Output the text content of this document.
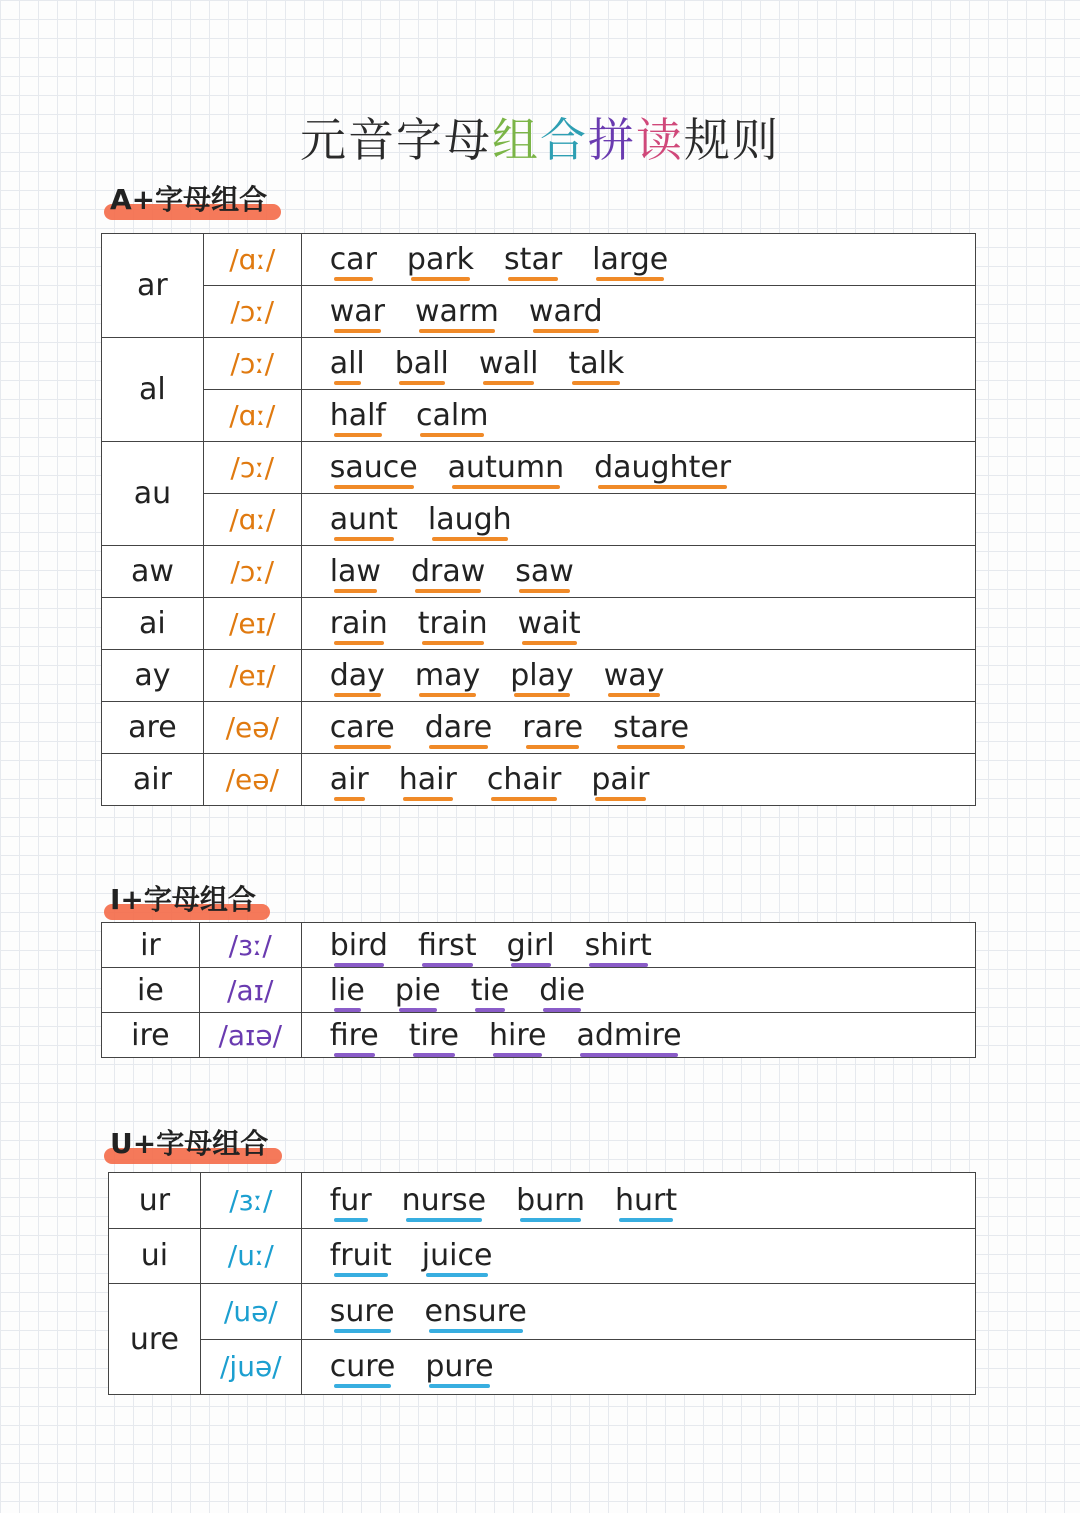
元音字母组合拼读规则
A+字母组合
ar	/ɑː/	car park star large
	/ɔː/	war warm ward
al	/ɔː/	all ball wall talk
	/ɑː/	half calm
au	/ɔː/	sauce autumn daughter
	/ɑː/	aunt laugh
aw	/ɔː/	law draw saw
ai	/eɪ/	rain train wait
ay	/eɪ/	day may play way
are	/eə/	care dare rare stare
air	/eə/	air hair chair pair
I+字母组合
ir	/ɜː/	bird first girl shirt
ie	/aɪ/	lie pie tie die
ire	/aɪə/	fire tire hire admire
U+字母组合
ur	/ɜː/	fur nurse burn hurt
ui	/uː/	fruit juice
ure	/uə/	sure ensure
	/juə/	cure pure
